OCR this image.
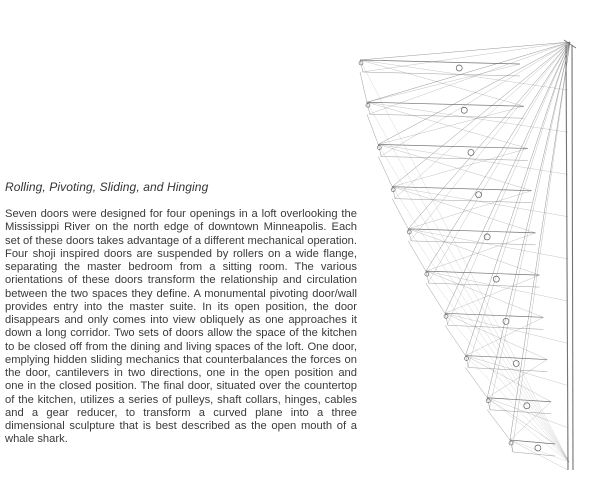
Rolling, Pivoting, Sliding, and Hinging
Seven doors were designed for four openings in a loft overlooking the Mississippi River on the north edge of downtown Minneapolis. Each set of these doors takes advantage of a different mechanical operation. Four shoji inspired doors are suspended by rollers on a wide flange, separating the master bedroom from a sitting room. The various orientations of these doors transform the relationship and circulation between the two spaces they define. A monumental pivoting door/wall provides entry into the master suite. In its open position, the door disappears and only comes into view obliquely as one approaches it down a long corridor. Two sets of doors allow the space of the kitchen to be closed off from the dining and living spaces of the loft. One door, emplying hidden sliding mechanics that counterbalances the forces on the door, cantilevers in two directions, one in the open position and one in the closed position. The final door, situated over the countertop of the kitchen, utilizes a series of pulleys, shaft collars, hinges, cables and a gear reducer, to transform a curved plane into a three dimensional sculpture that is best described as the open mouth of a whale shark.
